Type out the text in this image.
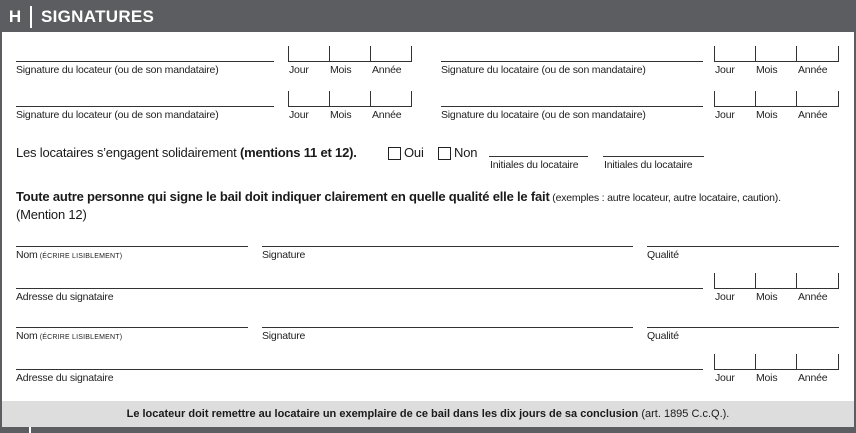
H	SIGNATURES
Signature du locateur (ou de son mandataire)	Jour Mois Année	Signature du locataire (ou de son mandataire)	Jour Mois Année
Signature du locateur (ou de son mandataire)	Jour Mois Année	Signature du locataire (ou de son mandataire)	Jour Mois Année
Les locataires s’engagent solidairement (mentions 11 et 12).	Oui Non
Initiales du locataire Initiales du locataire
Toute autre personne qui signe le bail doit indiquer clairement en quelle qualité elle le fait (exemples : autre locateur, autre locataire, caution).
(Mention 12)
Nom (ÉCRIRE LISIBLEMENT)	Signature	Qualité
Adresse du signataire	Jour Mois Année
Nom (ÉCRIRE LISIBLEMENT)	Signature	Qualité
Adresse du signataire	Jour Mois Année
Le locateur doit remettre au locataire un exemplaire de ce bail dans les dix jours de sa conclusion (art. 1895 C.c.Q.).
